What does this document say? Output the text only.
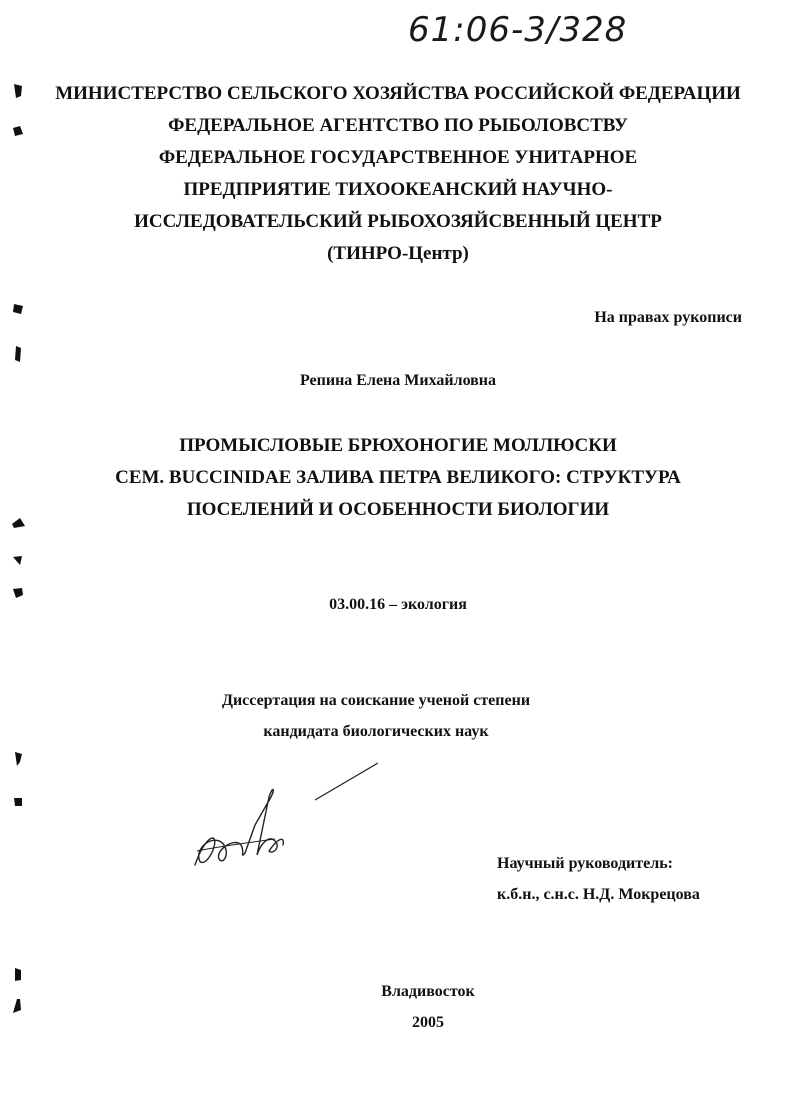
61:06-3/328
МИНИСТЕРСТВО СЕЛЬСКОГО ХОЗЯЙСТВА РОССИЙСКОЙ ФЕДЕРАЦИИ
ФЕДЕРАЛЬНОЕ АГЕНТСТВО ПО РЫБОЛОВСТВУ
ФЕДЕРАЛЬНОЕ ГОСУДАРСТВЕННОЕ УНИТАРНОЕ
ПРЕДПРИЯТИЕ ТИХООКЕАНСКИЙ НАУЧНО-
ИССЛЕДОВАТЕЛЬСКИЙ РЫБОХОЗЯЙСВЕННЫЙ ЦЕНТР
(ТИНРО-Центр)
На правах рукописи
Репина Елена Михайловна
ПРОМЫСЛОВЫЕ БРЮХОНОГИЕ МОЛЛЮСКИ
СЕМ. BUCCINIDAE ЗАЛИВА ПЕТРА ВЕЛИКОГО: СТРУКТУРА
ПОСЕЛЕНИЙ И ОСОБЕННОСТИ БИОЛОГИИ
03.00.16 – экология
Диссертация на соискание ученой степени
кандидата биологических наук
Научный руководитель:
к.б.н., с.н.с. Н.Д. Мокрецова
Владивосток
2005
